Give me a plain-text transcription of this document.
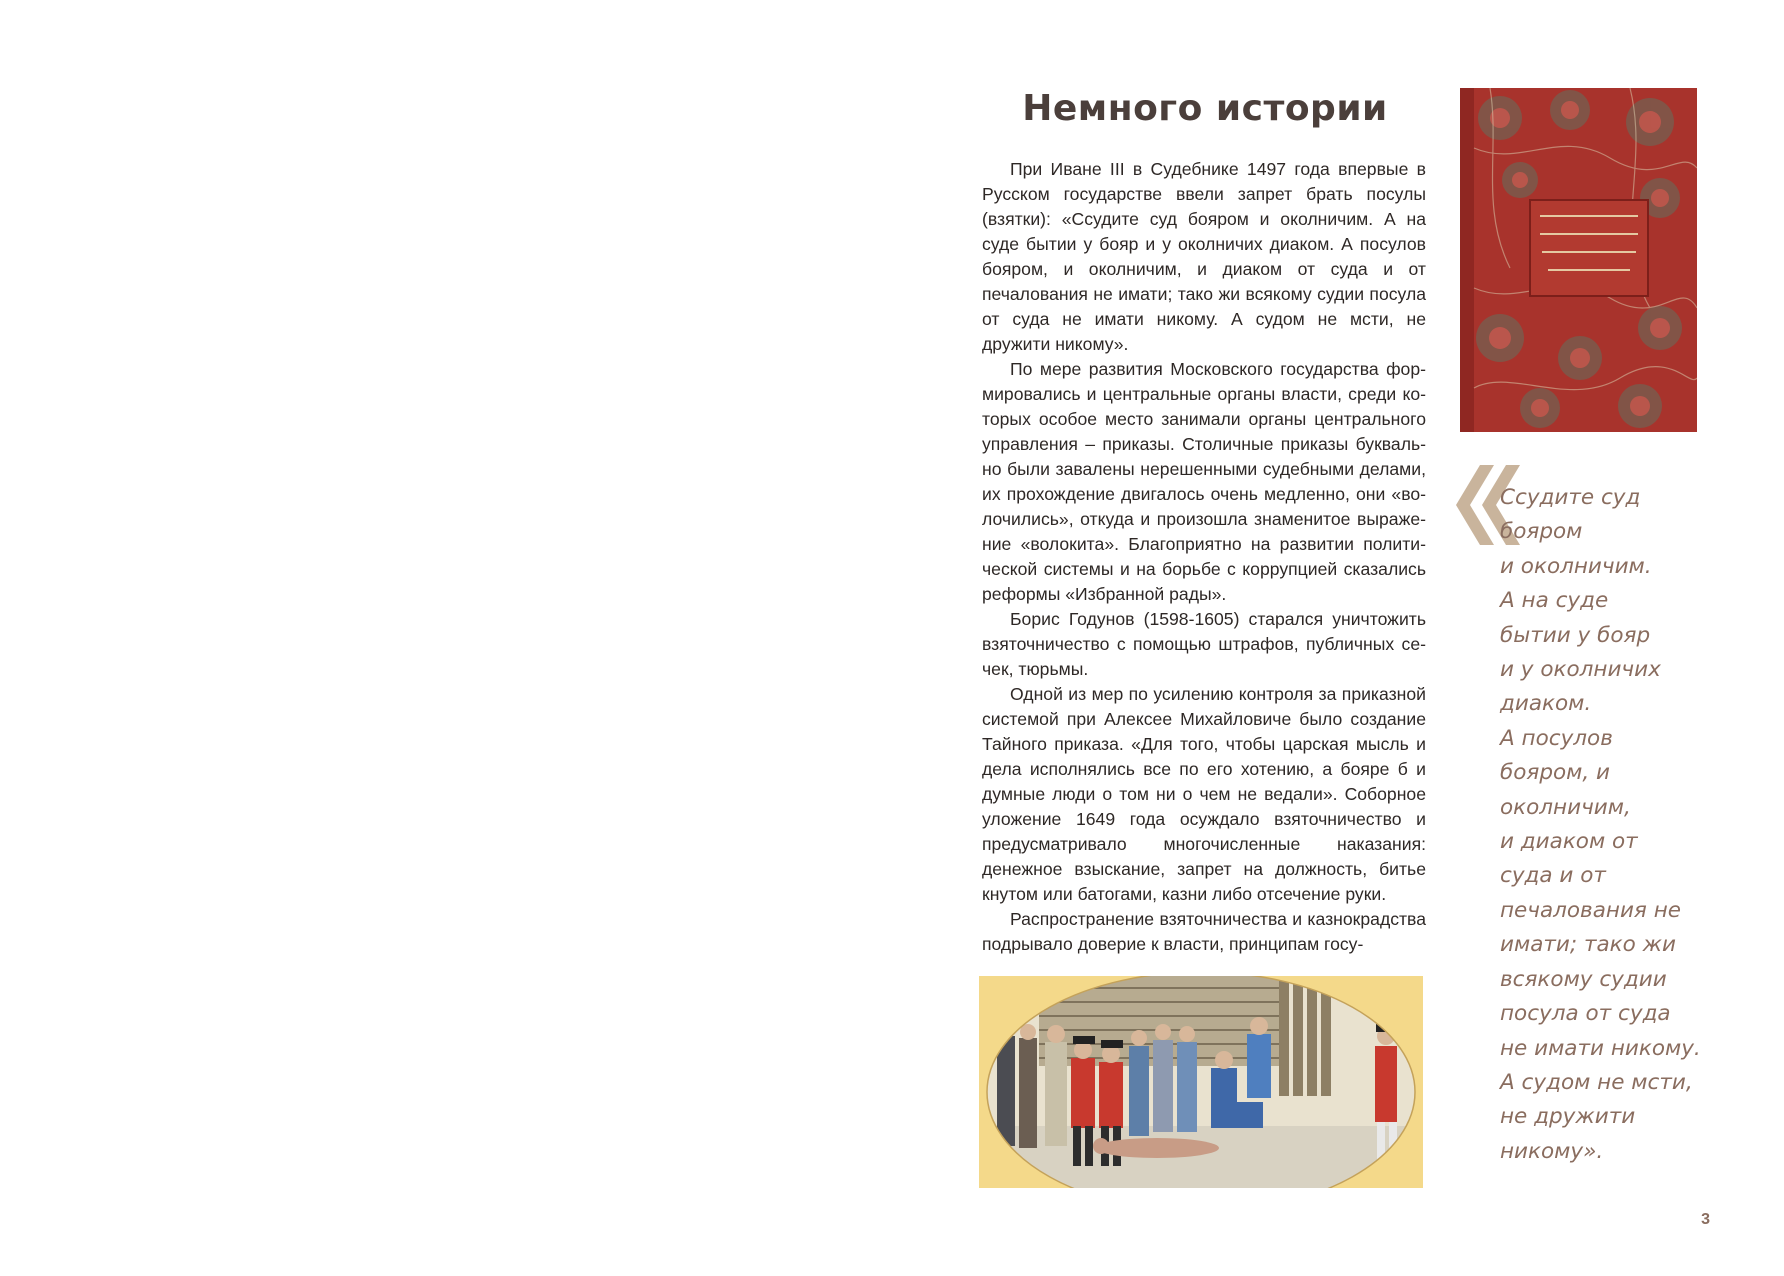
Немного истории

При Иване III в Судебнике 1497 года впервые в Русском государстве ввели запрет брать посулы (взятки): «Ссудите суд бояром и околничим. А на суде бытии у бояр и у околничих диаком. А посулов бояром, и околничим, и диаком от суда и от печалования не имати; тако жи всякому судии посула от суда не имати никому. А судом не мсти, не дружити никому».

По мере развития Московского государства формировались и центральные органы власти, среди которых особое место занимали органы центрального управления – приказы. Столичные приказы буквально были завалены нерешенными судебными делами, их прохождение двигалось очень медленно, они «волочились», откуда и произошла знаменитое выражение «волокита». Благоприятно на развитии политической системы и на борьбе с коррупцией сказались реформы «Избранной рады».

Борис Годунов (1598-1605) старался уничтожить взяточничество с помощью штрафов, публичных сечек, тюрьмы.

Одной из мер по усилению контроля за приказной системой при Алексее Михайловиче было создание Тайного приказа. «Для того, чтобы царская мысль и дела исполнялись все по его хотению, а бояре б и думные люди о том ни о чем не ведали». Соборное уложение 1649 года осуждало взяточничество и предусматривало многочисленные наказания: денежное взыскание, запрет на должность, битье кнутом или батогами, казни либо отсечение руки.

Распространение взяточничества и казнокрадства подрывало доверие к власти, принципам госу-

Ссудите суд
бояром
и околничим.
А на суде
бытии у бояр
и у околничих
диаком.
А посулов
бояром, и
околничим,
и диаком от
суда и от
печалования не
имати; тако жи
всякому судии
посула от суда
не имати никому.
А судом не мсти,
не дружити
никому».
3
